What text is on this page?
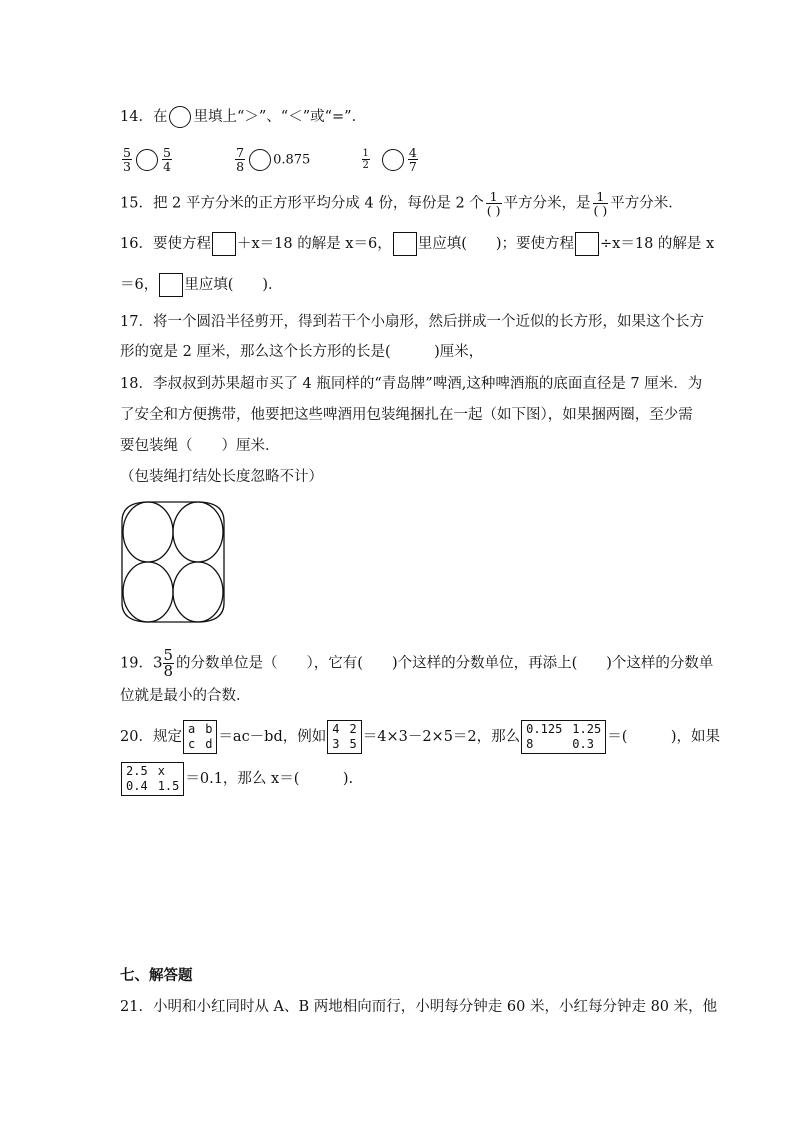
14．在 里填上“＞”、“＜”或“=”．
$\frac{5}{3} \frac{5}{4}$
	$\frac{7}{8} 0.875$	$\frac{1}{2}$	$\frac{4}{7}$
15．把 2 平方分米的正方形平均分成 4 份，每份是 2 个 $\frac{1}{( )}$ 平方分米，是 $\frac{1}{( )}$ 平方分米．
16．要使方程 ＋x＝18 的解是 x＝6， 里应填(　　)；要使方程 ÷x＝18 的解是 x
＝6， 里应填(　　)．
17．将一个圆沿半径剪开，得到若干个小扇形，然后拼成一个近似的长方形，如果这个长方
形的宽是 2 厘米，那么这个长方形的长是(　　　)厘米，
18．李叔叔到苏果超市买了 4 瓶同样的“青岛牌”啤酒,这种啤酒瓶的底面直径是 7 厘米．为
了安全和方便携带，他要把这些啤酒用包装绳捆扎在一起（如下图），如果捆两圈，至少需
要包装绳（　　）厘米．
（包装绳打结处长度忽略不计）
19．$3 \frac{5}{8}$ 的分数单位是（　　），它有(　　)个这样的分数单位，再添上(　　)个这样的分数单
位就是最小的合数．
20．规定 a b
c d ＝ac－bd，例如 4 2
3 5 ＝4×3－2×5＝2，那么 0.125 1.25
8	0.3 ＝(　　　)，如果
2.5 x
0.4 1.5 ＝0.1，那么 x＝(　　　).
七、解答题
21．小明和小红同时从 A、B 两地相向而行，小明每分钟走 60 米，小红每分钟走 80 米，他
